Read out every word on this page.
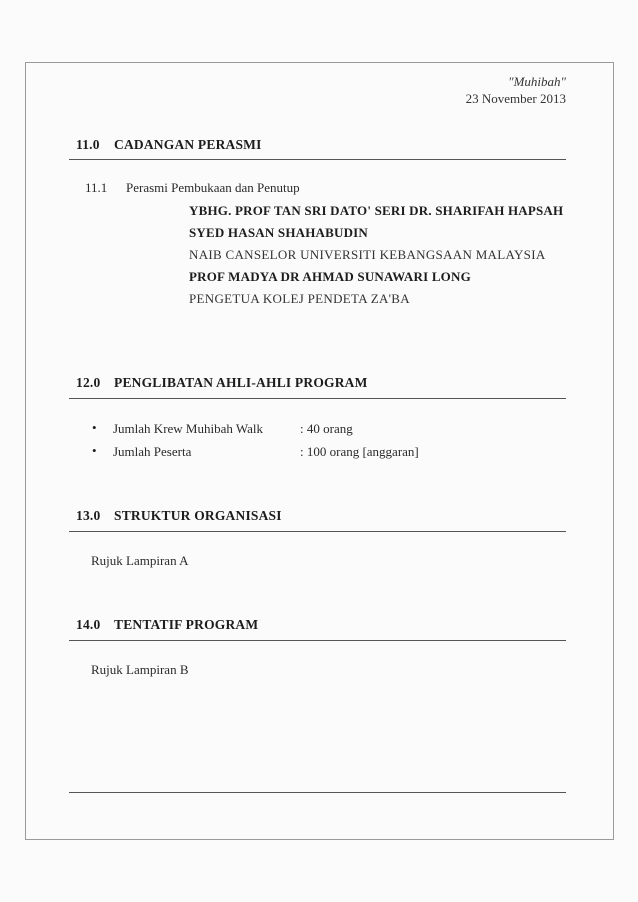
"Muhibah"
23 November 2013
11.0 CADANGAN PERASMI
11.1 Perasmi Pembukaan dan Penutup
YBHG. PROF TAN SRI DATO' SERI DR. SHARIFAH HAPSAH
SYED HASAN SHAHABUDIN
NAIB CANSELOR UNIVERSITI KEBANGSAAN MALAYSIA
PROF MADYA DR AHMAD SUNAWARI LONG
PENGETUA KOLEJ PENDETA ZA'BA
12.0 PENGLIBATAN AHLI-AHLI PROGRAM
• Jumlah Krew Muhibah Walk	: 40 orang
• Jumlah Peserta	: 100 orang [anggaran]
13.0 STRUKTUR ORGANISASI
Rujuk Lampiran A
14.0 TENTATIF PROGRAM
Rujuk Lampiran B
